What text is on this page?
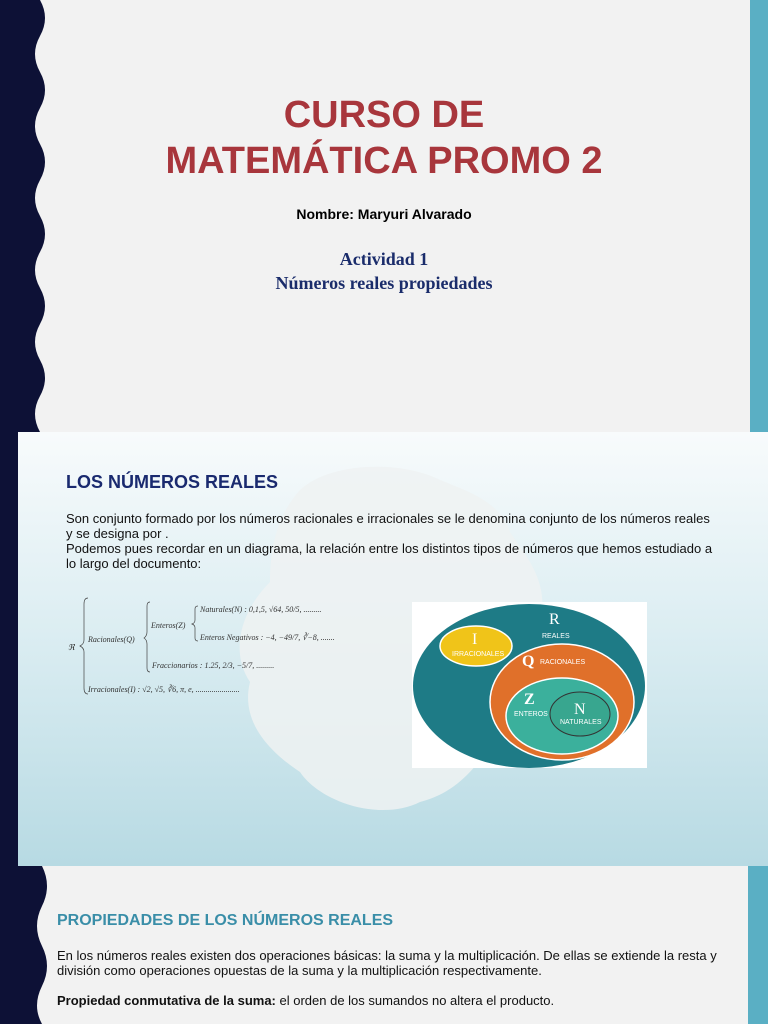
CURSO DE
MATEMÁTICA PROMO 2
Nombre: Maryuri Alvarado
Actividad 1
Números reales propiedades
LOS NÚMEROS REALES
Son conjunto formado por los números racionales e irracionales se le denomina conjunto de los números reales y se designa por .
Podemos pues recordar en un diagrama, la relación entre los distintos tipos de números que hemos estudiado a lo largo del documento:
ℜ
Racionales(Q)
Enteros(Z)
Naturales(N) : 0,1,5, √64, 50/5, .........
Enteros Negativos : −4, −49/7, ∛−8, .......
Fraccionarios : 1.25, 2/3, −5/7, .........
Irracionales(I) : √2, √5, ∛6, π, e, ......................
R
REALES
I
IRRACIONALES Q RACIONALES
Z
ENTEROS N
NATURALES
PROPIEDADES DE LOS NÚMEROS REALES
En los números reales existen dos operaciones básicas: la suma y la multiplicación. De ellas se extiende la resta y división como operaciones opuestas de la suma y la multiplicación respectivamente.
Propiedad conmutativa de la suma: el orden de los sumandos no altera el producto.
